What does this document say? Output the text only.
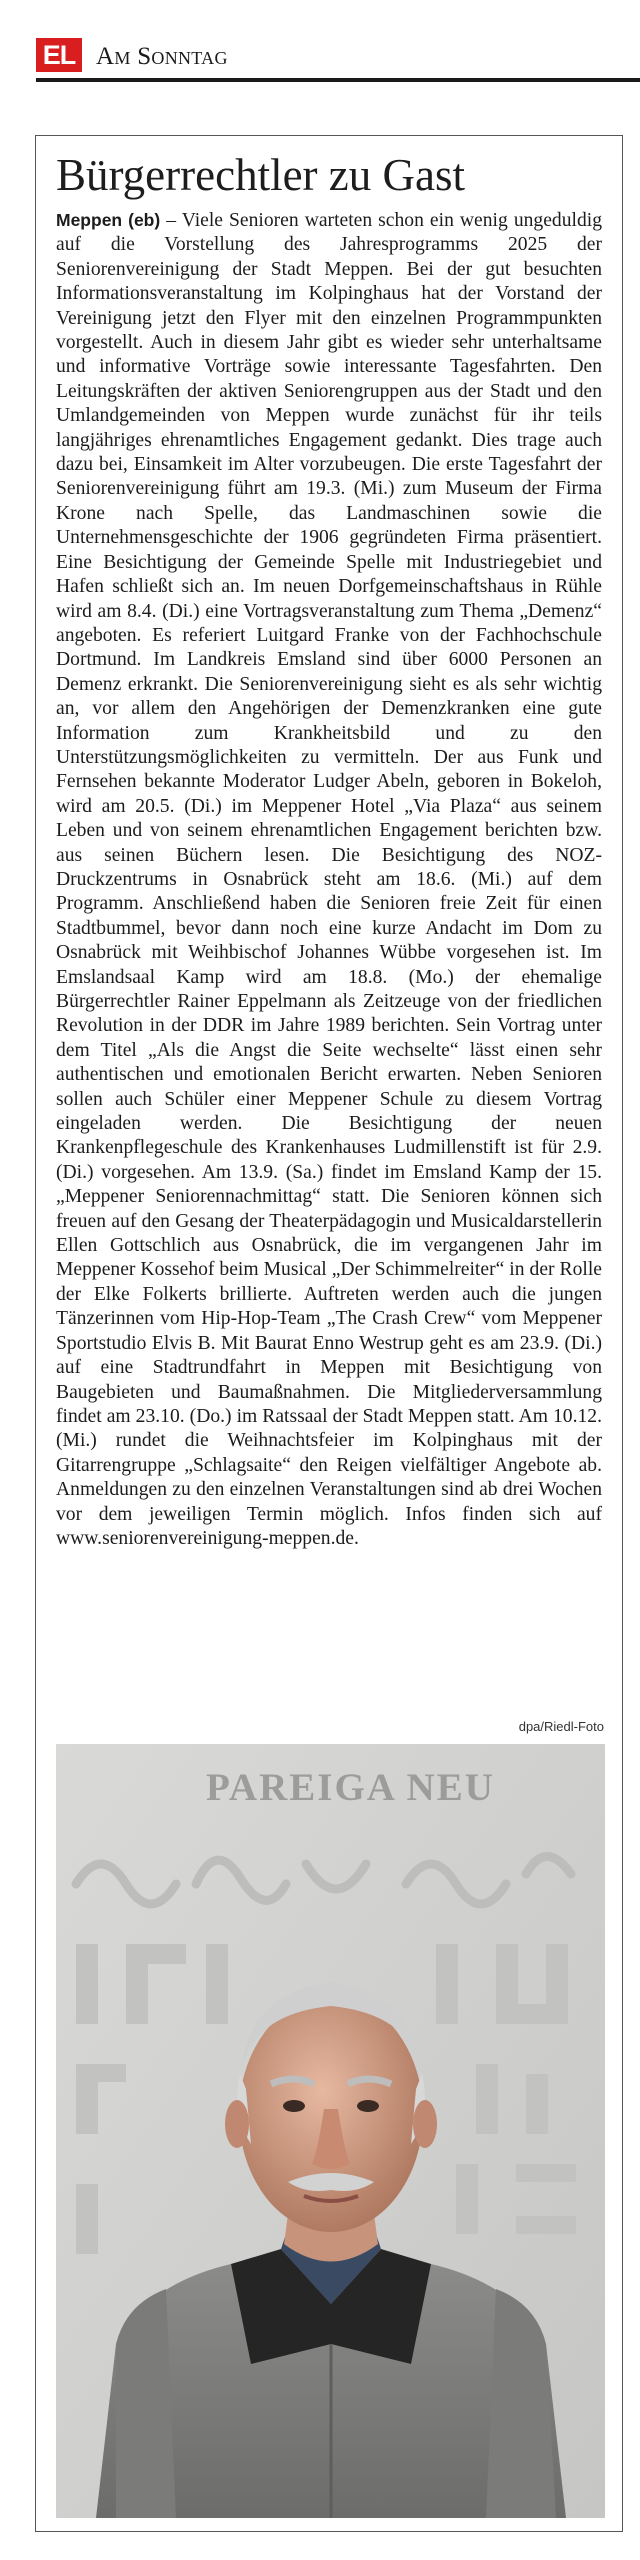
EL Am Sonntag
Bürgerrechtler zu Gast

Meppen (eb) – Viele Senioren warteten schon ein wenig ungeduldig auf die Vorstellung des Jahresprogramms 2025 der Seniorenvereinigung der Stadt Meppen. Bei der gut besuchten Informationsveranstaltung im Kolpinghaus hat der Vorstand der Vereinigung jetzt den Flyer mit den einzelnen Programmpunkten vorgestellt. Auch in diesem Jahr gibt es wieder sehr unterhaltsame und informative Vorträge sowie interessante Tagesfahrten. Den Leitungskräften der aktiven Seniorengruppen aus der Stadt und den Umlandgemeinden von Meppen wurde zunächst für ihr teils langjähriges ehrenamtliches Engagement gedankt. Dies trage auch dazu bei, Einsamkeit im Alter vorzubeugen. Die erste Tagesfahrt der Seniorenvereinigung führt am 19.3. (Mi.) zum Museum der Firma Krone nach Spelle, das Landmaschinen sowie die Unternehmensgeschichte der 1906 gegründeten Firma präsentiert. Eine Besichtigung der Gemeinde Spelle mit Industriegebiet und Hafen schließt sich an. Im neuen Dorfgemeinschaftshaus in Rühle wird am 8.4. (Di.) eine Vortragsveranstaltung zum Thema „Demenz“ angeboten. Es referiert Luitgard Franke von der Fachhochschule Dortmund. Im Landkreis Emsland sind über 6000 Personen an Demenz erkrankt. Die Seniorenvereinigung sieht es als sehr wichtig an, vor allem den Angehörigen der Demenzkranken eine gute Information zum Krankheitsbild und zu den Unterstützungsmöglichkeiten zu vermitteln. Der aus Funk und Fernsehen bekannte Moderator Ludger Abeln, geboren in Bokeloh, wird am 20.5. (Di.) im Meppener Hotel „Via Plaza“ aus seinem Leben und von seinem ehrenamtlichen Engagement berichten bzw. aus seinen Büchern lesen. Die Besichtigung des NOZ-Druckzentrums in Osnabrück steht am 18.6. (Mi.) auf dem Programm. Anschließend haben die Senioren freie Zeit für einen Stadtbummel, bevor dann noch eine kurze Andacht im Dom zu Osnabrück mit Weihbischof Johannes Wübbe vorgesehen ist. Im Emslandsaal Kamp wird am 18.8. (Mo.) der ehemalige Bürgerrechtler Rainer Eppelmann als Zeitzeuge von der friedlichen Revolution in der DDR im Jahre 1989 berichten. Sein Vortrag unter dem Titel „Als die Angst die Seite wechselte“ lässt einen sehr authentischen und emotionalen Bericht erwarten. Neben Senioren sollen auch Schüler einer Meppener Schule zu diesem Vortrag eingeladen werden. Die Besichtigung der neuen Krankenpflegeschule des Krankenhauses Ludmillenstift ist für 2.9. (Di.) vorgesehen. Am 13.9. (Sa.) findet im Emsland Kamp der 15. „Meppener Seniorennachmittag“ statt. Die Senioren können sich freuen auf den Gesang der Theaterpädagogin und Musicaldarstellerin Ellen Gottschlich aus Osnabrück, die im vergangenen Jahr im Meppener Kossehof beim Musical „Der Schimmelreiter“ in der Rolle der Elke Folkerts brillierte. Auftreten werden auch die jungen Tänzerinnen vom Hip-Hop-Team „The Crash Crew“ vom Meppener Sportstudio Elvis B. Mit Baurat Enno Westrup geht es am 23.9. (Di.) auf eine Stadtrundfahrt in Meppen mit Besichtigung von Baugebieten und Baumaßnahmen. Die Mitgliederversammlung findet am 23.10. (Do.) im Ratssaal der Stadt Meppen statt. Am 10.12. (Mi.) rundet die Weihnachtsfeier im Kolpinghaus mit der Gitarrengruppe „Schlagsaite“ den Reigen vielfältiger Angebote ab. Anmeldungen zu den einzelnen Veranstaltungen sind ab drei Wochen vor dem jeweiligen Termin möglich. Infos finden sich auf www.seniorenvereinigung-meppen.de.

dpa/Riedl-Foto
PAREIGA NEU
